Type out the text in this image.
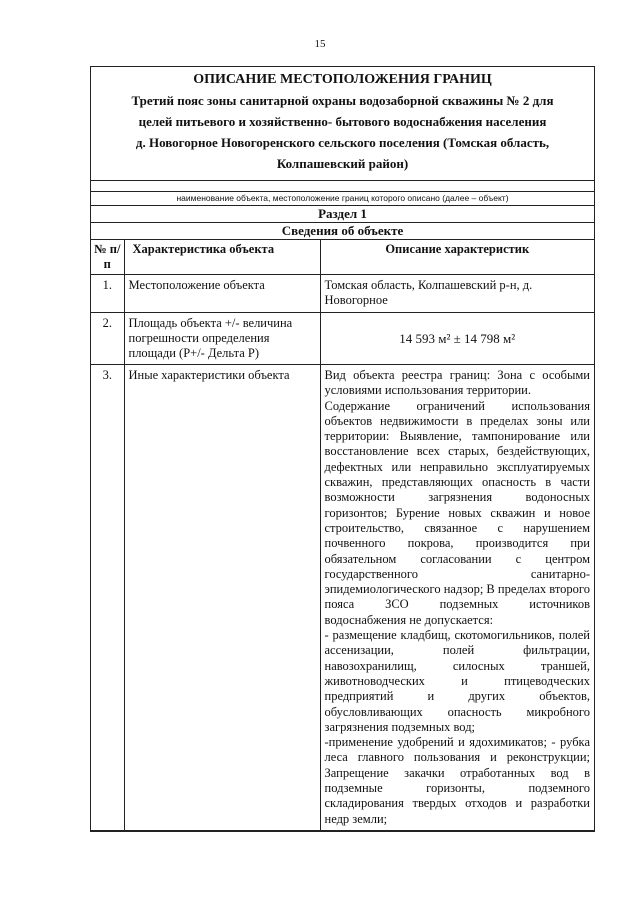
15
ОПИСАНИЕ МЕСТОПОЛОЖЕНИЯ ГРАНИЦ
Третий пояс зоны санитарной охраны водозаборной скважины № 2 для
целей питьевого и хозяйственно- бытового водоснабжения населения
д. Новогорное Новогоренского сельского поселения (Томская область,
Колпашевский район)
наименование объекта, местоположение границ которого описано (далее – объект)
Раздел 1
Сведения об объекте
№ п/п	Характеристика объекта	Описание характеристик
1.	Местоположение объекта	Томская область, Колпашевский р-н, д. Новогорное
2.	Площадь объекта +/- величина погрешности определения площади (Р+/- Дельта Р)	14 593 м² ± 14 798 м²
3.	Иные характеристики объекта	Вид объекта реестра границ: Зона с особыми условиями использования территории.

Содержание ограничений использования объектов недвижимости в пределах зоны или территории: Выявление, тампонирование или восстановление всех старых, бездействующих, дефектных или неправильно эксплуатируемых скважин, представляющих опасность в части возможности загрязнения водоносных горизонтов; Бурение новых скважин и новое строительство, связанное с нарушением почвенного покрова, производится при обязательном согласовании с центром государственного санитарно-эпидемиологического надзор; В пределах второго пояса ЗСО подземных источников водоснабжения не допускается:

- размещение кладбищ, скотомогильников, полей ассенизации, полей фильтрации, навозохранилищ, силосных траншей, животноводческих и птицеводческих предприятий и других объектов, обусловливающих опасность микробного загрязнения подземных вод;

-применение удобрений и ядохимикатов; - рубка леса главного пользования и реконструкции; Запрещение закачки отработанных вод в подземные горизонты, подземного складирования твердых отходов и разработки недр земли;
